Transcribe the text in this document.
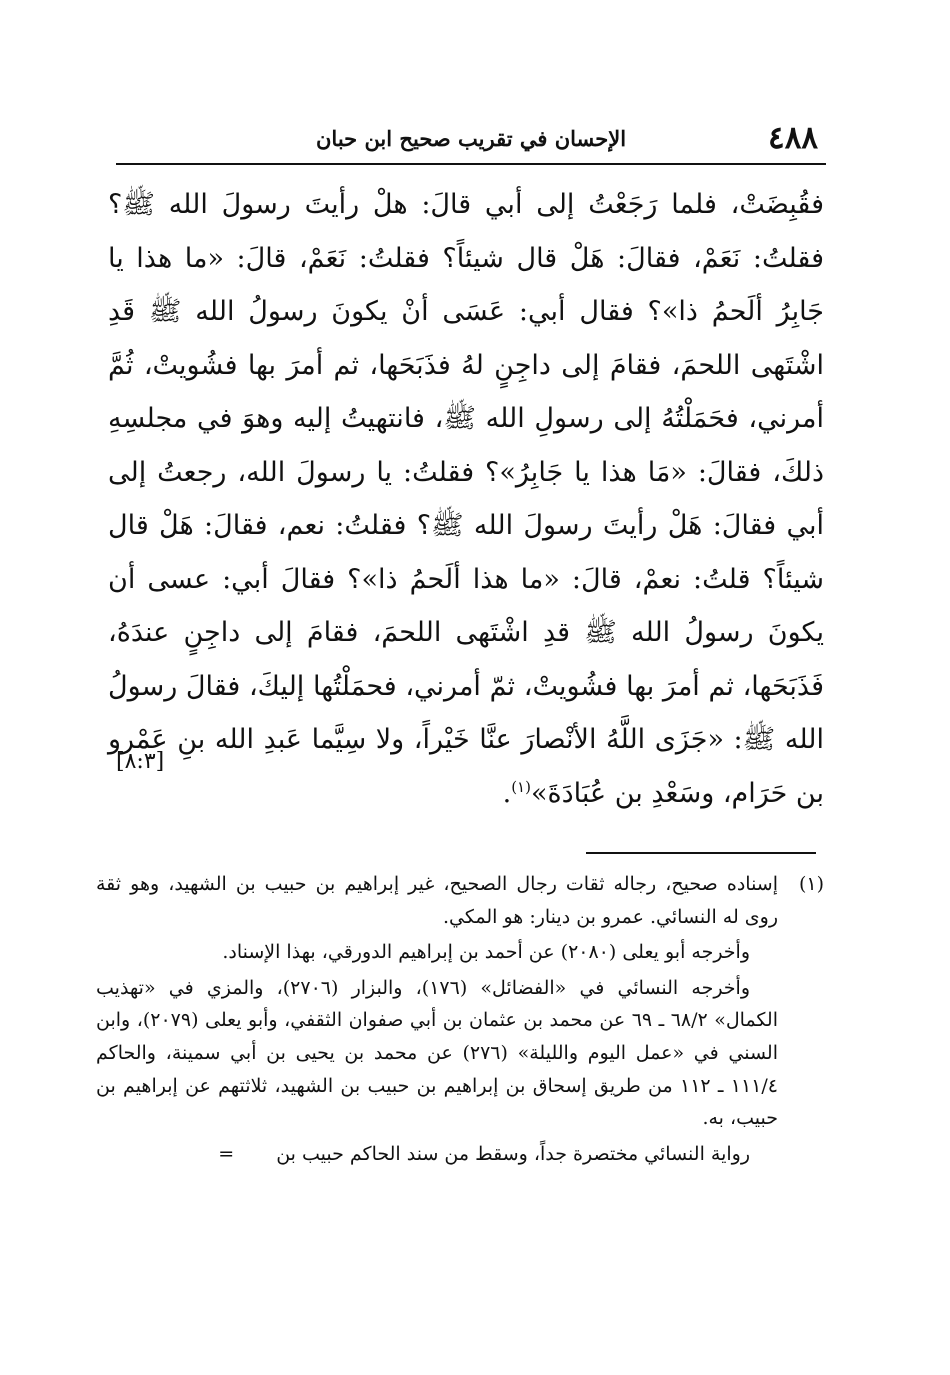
٤٨٨
الإحسان في تقريب صحيح ابن حبان

فقُبِضَتْ، فلما رَجَعْتُ إلى أبي قالَ: هلْ رأيتَ رسولَ الله ﷺ؟ فقلتُ: نَعَمْ، فقالَ: هَلْ قال شيئاً؟ فقلتُ: نَعَمْ، قالَ: «ما هذا يا جَابِرُ ألَحمُ ذا»؟ فقال أبي: عَسَى أنْ يكونَ رسولُ الله ﷺ قَدِ اشْتَهى اللحمَ، فقامَ إلى داجِنٍ لهُ فذَبَحَها، ثم أمرَ بها فشُويتْ، ثُمَّ أمرني، فحَمَلْتُهُ إلى رسولِ الله ﷺ، فانتهيتُ إليه وهوَ في مجلسِهِ ذلكَ، فقالَ: «مَا هذا يا جَابِرُ»؟ فقلتُ: يا رسولَ الله، رجعتُ إلى أبي فقالَ: هَلْ رأيتَ رسولَ الله ﷺ؟ فقلتُ: نعم، فقالَ: هَلْ قال شيئاً؟ قلتُ: نعمْ، قالَ: «ما هذا ألَحمُ ذا»؟ فقالَ أبي: عسى أن يكونَ رسولُ الله ﷺ قدِ اشْتَهى اللحمَ، فقامَ إلى داجِنٍ عندَهُ، فَذَبَحَها، ثم أمرَ بها فشُويتْ، ثمّ أمرني، فحمَلْتُها إليكَ، فقالَ رسولُ الله ﷺ: «جَزَى اللَّهُ الأنْصارَ عنَّا خَيْراً، ولا سِيَّما عَبدِ الله بنِ عَمْرو بن حَرَام، وسَعْدِ بن عُبَادَةَ»$^{(١)}$.

[٨:٣]
(١)
إسناده صحيح، رجاله ثقات رجال الصحيح، غير إبراهيم بن حبيب بن الشهيد، وهو ثقة روى له النسائي. عمرو بن دينار: هو المكي.

وأخرجه أبو يعلى (٢٠٨٠) عن أحمد بن إبراهيم الدورقي، بهذا الإسناد.

وأخرجه النسائي في «الفضائل» (١٧٦)، والبزار (٢٧٠٦)، والمزي في «تهذيب الكمال» ٦٨/٢ ـ ٦٩ عن محمد بن عثمان بن أبي صفوان الثقفي، وأبو يعلى (٢٠٧٩)، وابن السني في «عمل اليوم والليلة» (٢٧٦) عن محمد بن يحيى بن أبي سمينة، والحاكم ١١١/٤ ـ ١١٢ من طريق إسحاق بن إبراهيم بن حبيب بن الشهيد، ثلاثتهم عن إبراهيم بن حبيب، به.

رواية النسائي مختصرة جداً، وسقط من سند الحاكم حبيب بن=
